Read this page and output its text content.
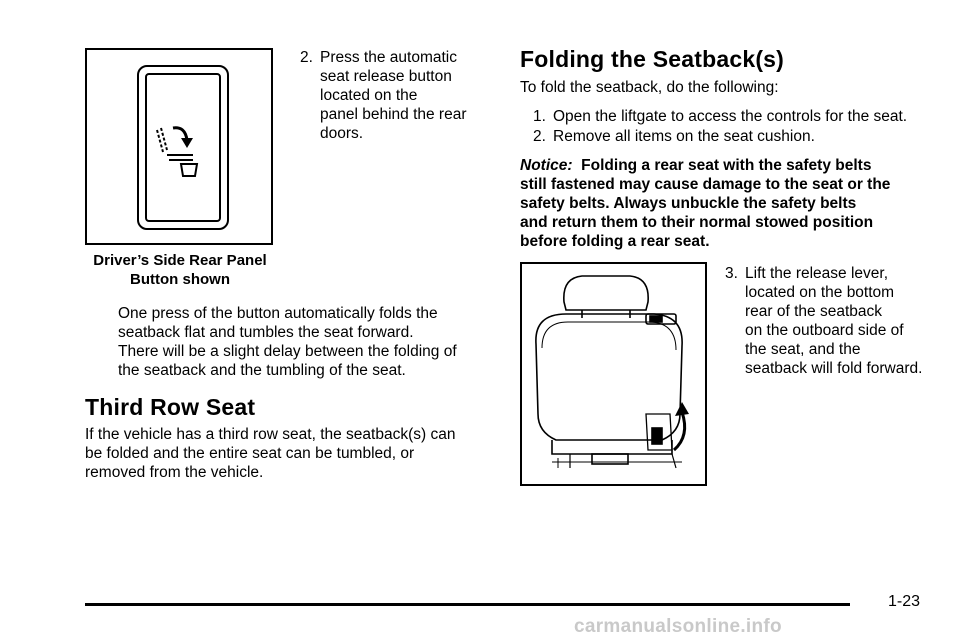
Driver’s Side Rear Panel
Button shown
2. Press the automatic
seat release button
located on the
panel behind the rear
doors.
One press of the button automatically folds the
seatback flat and tumbles the seat forward.
There will be a slight delay between the folding of
the seatback and the tumbling of the seat.
Third Row Seat
If the vehicle has a third row seat, the seatback(s) can
be folded and the entire seat can be tumbled, or
removed from the vehicle.
Folding the Seatback(s)
To fold the seatback, do the following:
1. Open the liftgate to access the controls for the seat.
2. Remove all items on the seat cushion.
Notice: Folding a rear seat with the safety belts
still fastened may cause damage to the seat or the
safety belts. Always unbuckle the safety belts
and return them to their normal stowed position
before folding a rear seat.
3. Lift the release lever,
located on the bottom
rear of the seatback
on the outboard side of
the seat, and the
seatback will fold forward.
1-23
carmanualsonline.info
